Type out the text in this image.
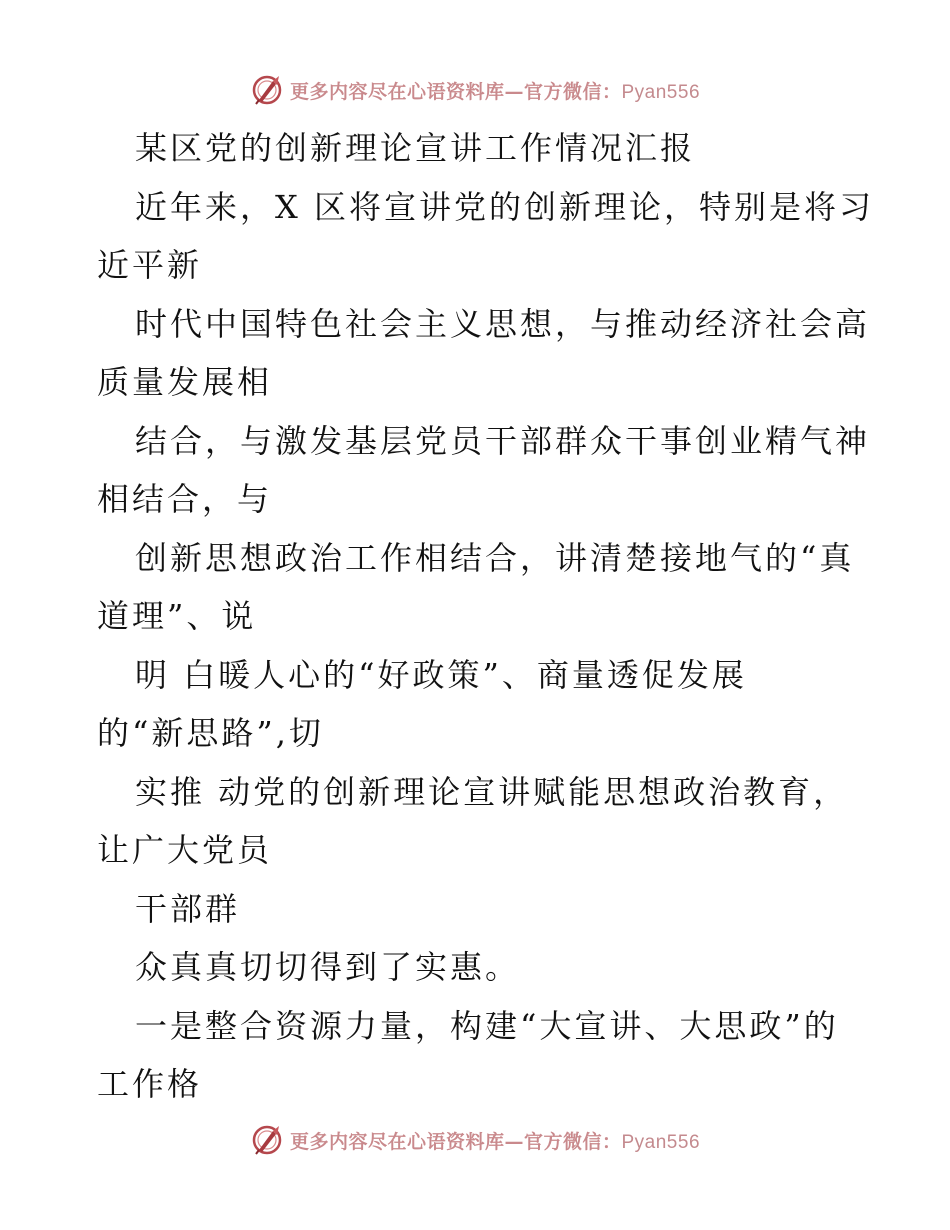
更多内容尽在心语资料库—官方微信：Pyan556
某区党的创新理论宣讲工作情况汇报
近年来，X 区将宣讲党的创新理论，特别是将习
近平新
时代中国特色社会主义思想，与推动经济社会高
质量发展相
结合，与激发基层党员干部群众干事创业精气神
相结合，与
创新思想政治工作相结合，讲清楚接地气的“真
道理”、说
明 白暖人心的“好政策”、商量透促发展
的“新思路”,切
实推 动党的创新理论宣讲赋能思想政治教育，
让广大党员
干部群
众真真切切得到了实惠。
一是整合资源力量，构建“大宣讲、大思政”的
工作格
更多内容尽在心语资料库—官方微信：Pyan556
